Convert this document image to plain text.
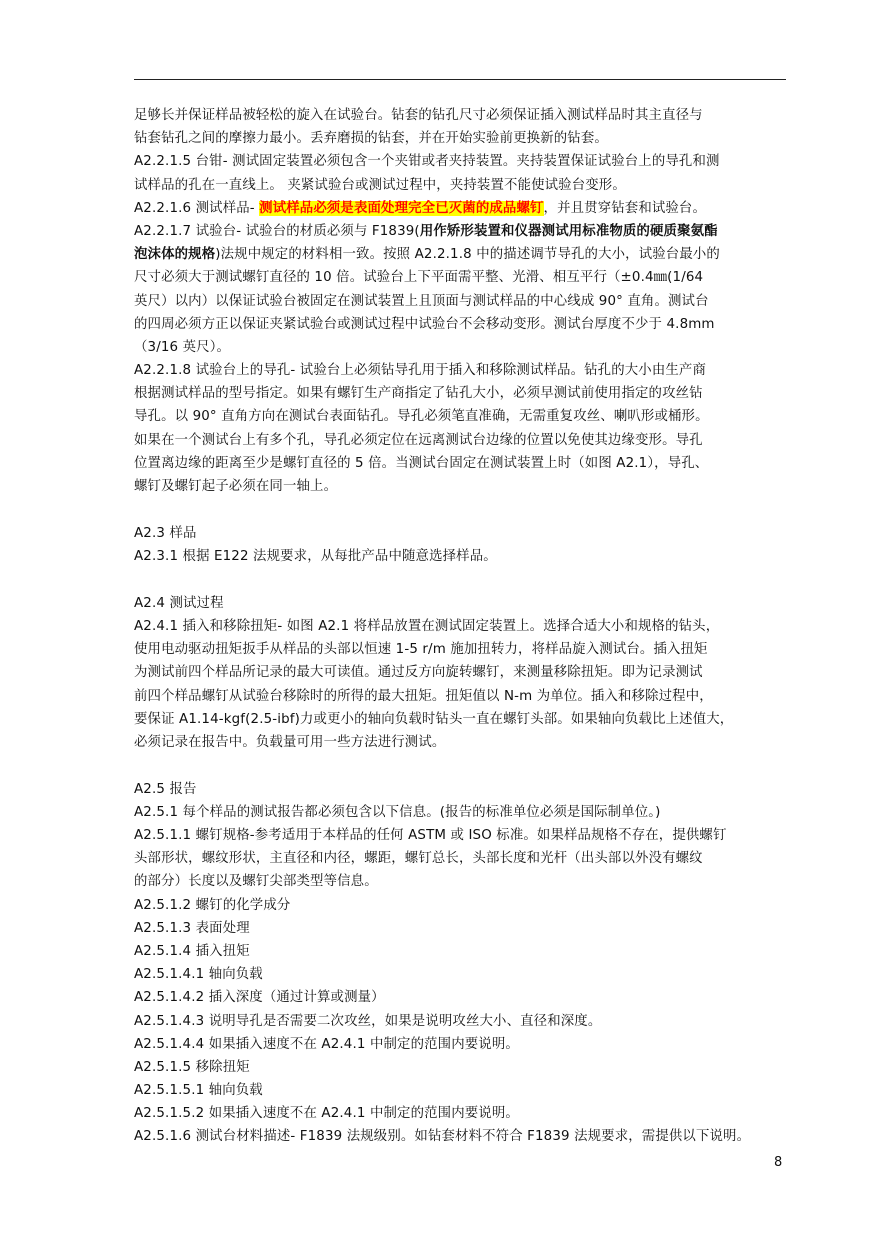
足够长并保证样品被轻松的旋入在试验台。钻套的钻孔尺寸必须保证插入测试样品时其主直径与
钻套钻孔之间的摩擦力最小。丢弃磨损的钻套，并在开始实验前更换新的钻套。
A2.2.1.5 台钳- 测试固定装置必须包含一个夹钳或者夹持装置。夹持装置保证试验台上的导孔和测
试样品的孔在一直线上。 夹紧试验台或测试过程中，夹持装置不能使试验台变形。
A2.2.1.6 测试样品- 测试样品必须是表面处理完全已灭菌的成品螺钉，并且贯穿钻套和试验台。
A2.2.1.7 试验台- 试验台的材质必须与 F1839(用作矫形装置和仪器测试用标准物质的硬质聚氨酯
泡沫体的规格)法规中规定的材料相一致。按照 A2.2.1.8 中的描述调节导孔的大小，试验台最小的
尺寸必须大于测试螺钉直径的 10 倍。试验台上下平面需平整、光滑、相互平行（±0.4㎜(1/64
英尺）以内）以保证试验台被固定在测试装置上且顶面与测试样品的中心线成 90° 直角。测试台
的四周必须方正以保证夹紧试验台或测试过程中试验台不会移动变形。测试台厚度不少于 4.8mm
（3/16 英尺）。
A2.2.1.8 试验台上的导孔- 试验台上必须钻导孔用于插入和移除测试样品。钻孔的大小由生产商
根据测试样品的型号指定。如果有螺钉生产商指定了钻孔大小，必须早测试前使用指定的攻丝钻
导孔。以 90° 直角方向在测试台表面钻孔。导孔必须笔直准确，无需重复攻丝、喇叭形或桶形。
如果在一个测试台上有多个孔，导孔必须定位在远离测试台边缘的位置以免使其边缘变形。导孔
位置离边缘的距离至少是螺钉直径的 5 倍。当测试台固定在测试装置上时（如图 A2.1），导孔、
螺钉及螺钉起子必须在同一轴上。
A2.3 样品
A2.3.1 根据 E122 法规要求，从每批产品中随意选择样品。
A2.4 测试过程
A2.4.1 插入和移除扭矩- 如图 A2.1 将样品放置在测试固定装置上。选择合适大小和规格的钻头，
使用电动驱动扭矩扳手从样品的头部以恒速 1-5 r/m 施加扭转力，将样品旋入测试台。插入扭矩
为测试前四个样品所记录的最大可读值。通过反方向旋转螺钉，来测量移除扭矩。即为记录测试
前四个样品螺钉从试验台移除时的所得的最大扭矩。扭矩值以 N-m 为单位。插入和移除过程中，
要保证 A1.14-kgf(2.5-ibf)力或更小的轴向负载时钻头一直在螺钉头部。如果轴向负载比上述值大，
必须记录在报告中。负载量可用一些方法进行测试。
A2.5 报告
A2.5.1 每个样品的测试报告都必须包含以下信息。(报告的标准单位必须是国际制单位。)
A2.5.1.1 螺钉规格-参考适用于本样品的任何 ASTM 或 ISO 标准。如果样品规格不存在，提供螺钉
头部形状，螺纹形状，主直径和内径，螺距，螺钉总长，头部长度和光杆（出头部以外没有螺纹
的部分）长度以及螺钉尖部类型等信息。
A2.5.1.2 螺钉的化学成分
A2.5.1.3 表面处理
A2.5.1.4 插入扭矩
A2.5.1.4.1 轴向负载
A2.5.1.4.2 插入深度（通过计算或测量）
A2.5.1.4.3 说明导孔是否需要二次攻丝，如果是说明攻丝大小、直径和深度。
A2.5.1.4.4 如果插入速度不在 A2.4.1 中制定的范围内要说明。
A2.5.1.5 移除扭矩
A2.5.1.5.1 轴向负载
A2.5.1.5.2 如果插入速度不在 A2.4.1 中制定的范围内要说明。
A2.5.1.6 测试台材料描述- F1839 法规级别。如钻套材料不符合 F1839 法规要求，需提供以下说明。
8
